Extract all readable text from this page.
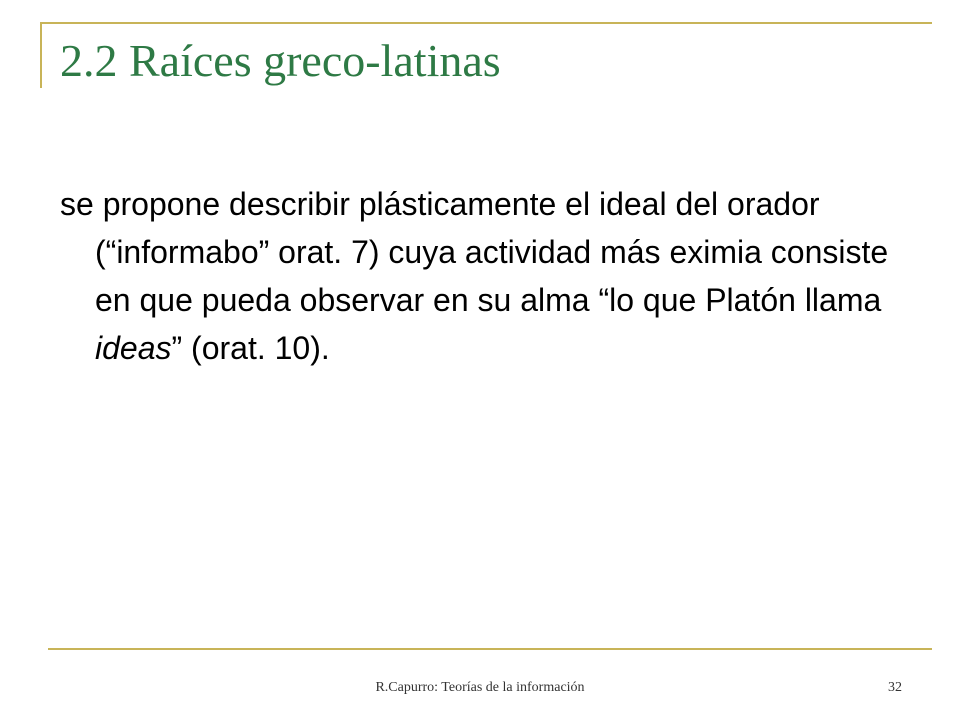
2.2 Raíces greco-latinas

se propone describir plásticamente el ideal del orador (“informabo” orat. 7) cuya actividad más eximia consiste en que pueda observar en su alma “lo que Platón llama ideas” (orat. 10).

R.Capurro: Teorías de la información	32
